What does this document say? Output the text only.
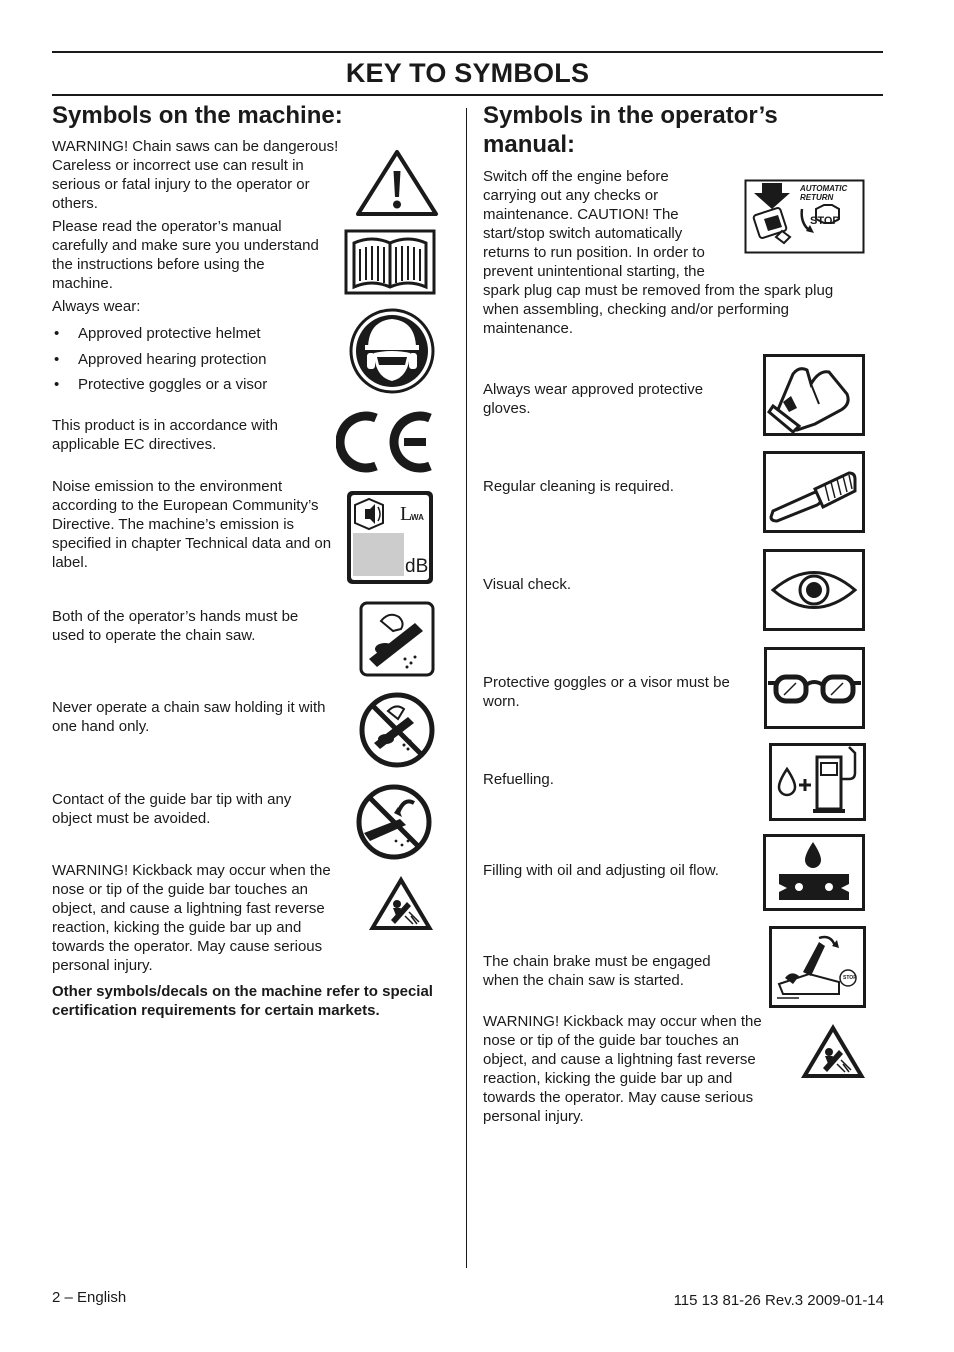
KEY TO SYMBOLS
Symbols on the machine:

WARNING! Chain saws can be dangerous! Careless or incorrect use can result in serious or fatal injury to the operator or others.

Please read the operator’s manual carefully and make sure you understand the instructions before using the machine.

Always wear:

• Approved protective helmet
• Approved hearing protection
• Protective goggles or a visor

This product is in accordance with applicable EC directives.

Noise emission to the environment according to the European Community’s Directive. The machine’s emission is specified in chapter Technical data and on label.

L
WA
dB

Both of the operator’s hands must be used to operate the chain saw.

Never operate a chain saw holding it with one hand only.

Contact of the guide bar tip with any object must be avoided.

WARNING! Kickback may occur when the nose or tip of the guide bar touches an object, and cause a lightning fast reverse reaction, kicking the guide bar up and towards the operator. May cause serious personal injury.

Other symbols/decals on the machine refer to special certification requirements for certain markets.

Symbols in the operator’s
manual:
Switch off the engine before
carrying out any checks or
maintenance. CAUTION! The
start/stop switch automatically
returns to run position. In order to
prevent unintentional starting, the

spark plug cap must be removed from the spark plug when assembling, checking and/or performing maintenance.

AUTOMATIC
RETURN
STOP

Always wear approved protective gloves.

Regular cleaning is required.

Visual check.

Protective goggles or a visor must be worn.

Refuelling.

Filling with oil and adjusting oil flow.

The chain brake must be engaged when the chain saw is started.	STOP

WARNING! Kickback may occur when the nose or tip of the guide bar touches an object, and cause a lightning fast reverse reaction, kicking the guide bar up and towards the operator. May cause serious personal injury.

2 – English	115 13 81-26 Rev.3 2009-01-14
